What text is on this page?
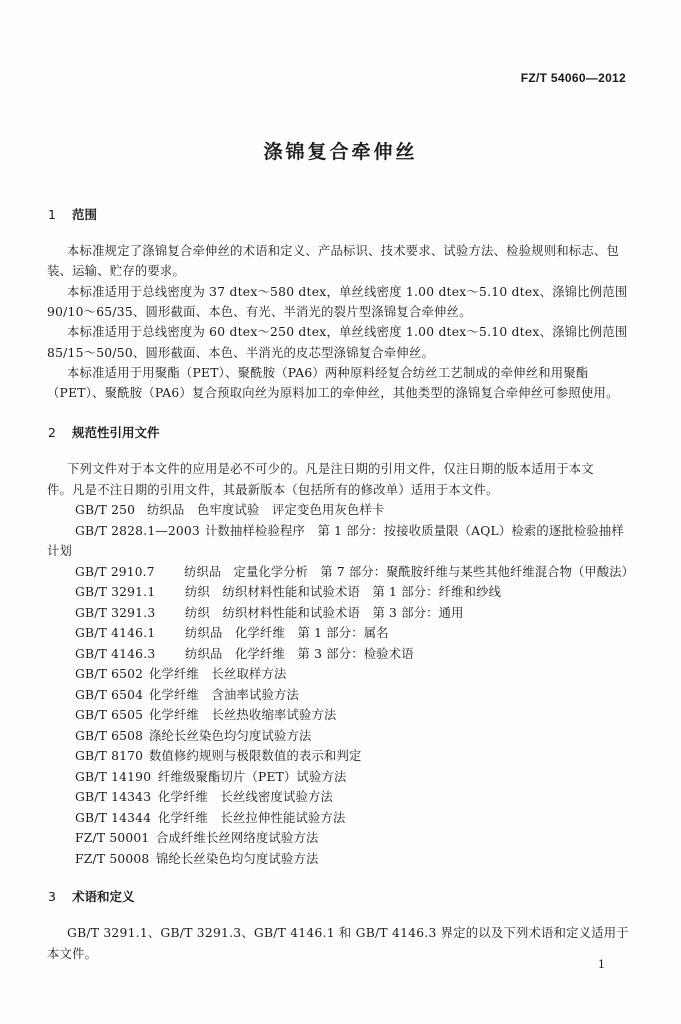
FZ/T 54060—2012
涤锦复合牵伸丝
1 范围
本标准规定了涤锦复合牵伸丝的术语和定义、产品标识、技术要求、试验方法、检验规则和标志、包
装、运输、贮存的要求。
本标准适用于总线密度为 37 dtex～580 dtex，单丝线密度 1.00 dtex～5.10 dtex、涤锦比例范围
90/10～65/35、圆形截面、本色、有光、半消光的裂片型涤锦复合牵伸丝。
本标准适用于总线密度为 60 dtex～250 dtex，单丝线密度 1.00 dtex～5.10 dtex、涤锦比例范围
85/15～50/50、圆形截面、本色、半消光的皮芯型涤锦复合牵伸丝。
本标准适用于用聚酯（PET）、聚酰胺（PA6）两种原料经复合纺丝工艺制成的牵伸丝和用聚酯
（PET）、聚酰胺（PA6）复合预取向丝为原料加工的牵伸丝，其他类型的涤锦复合牵伸丝可参照使用。
2 规范性引用文件
下列文件对于本文件的应用是必不可少的。凡是注日期的引用文件，仅注日期的版本适用于本文
件。凡是不注日期的引用文件，其最新版本（包括所有的修改单）适用于本文件。
GB/T 250 纺织品　色牢度试验　评定变色用灰色样卡
GB/T 2828.1—2003 计数抽样检验程序　第 1 部分：按接收质量限（AQL）检索的逐批检验抽样
计划
GB/T 2910.7 纺织品　定量化学分析　第 7 部分：聚酰胺纤维与某些其他纤维混合物（甲酸法）
GB/T 3291.1 纺织　纺织材料性能和试验术语　第 1 部分：纤维和纱线
GB/T 3291.3 纺织　纺织材料性能和试验术语　第 3 部分：通用
GB/T 4146.1 纺织品　化学纤维　第 1 部分：属名
GB/T 4146.3 纺织品　化学纤维　第 3 部分：检验术语
GB/T 6502 化学纤维　长丝取样方法
GB/T 6504 化学纤维　含油率试验方法
GB/T 6505 化学纤维　长丝热收缩率试验方法
GB/T 6508 涤纶长丝染色均匀度试验方法
GB/T 8170 数值修约规则与极限数值的表示和判定
GB/T 14190 纤维级聚酯切片（PET）试验方法
GB/T 14343 化学纤维　长丝线密度试验方法
GB/T 14344 化学纤维　长丝拉伸性能试验方法
FZ/T 50001 合成纤维长丝网络度试验方法
FZ/T 50008 锦纶长丝染色均匀度试验方法
3 术语和定义
GB/T 3291.1、GB/T 3291.3、GB/T 4146.1 和 GB/T 4146.3 界定的以及下列术语和定义适用于
本文件。
1
